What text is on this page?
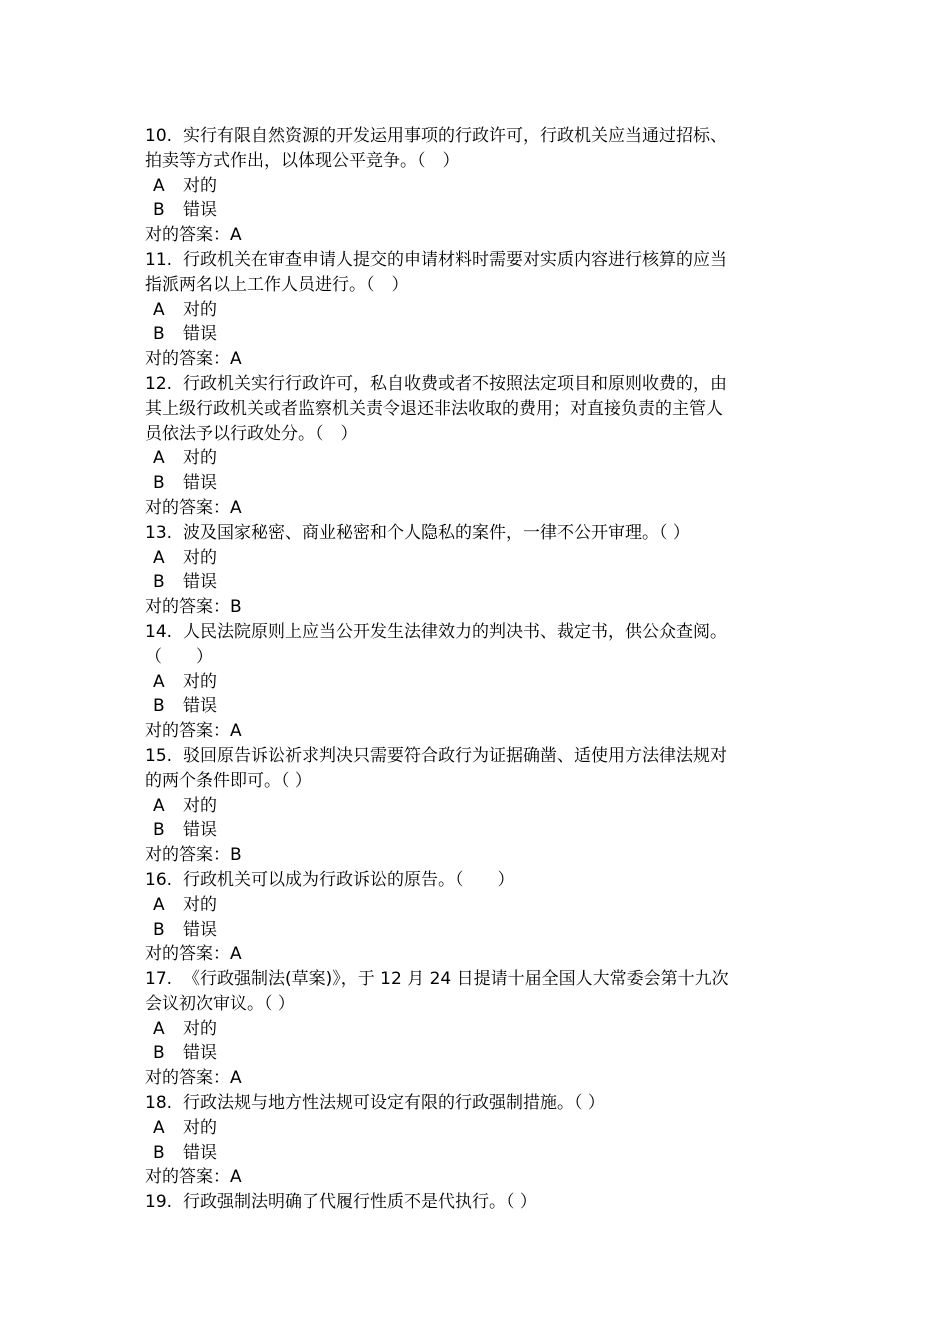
10. 实行有限自然资源的开发运用事项的行政许可，行政机关应当通过招标、
拍卖等方式作出，以体现公平竞争。（　）
A 对的
B 错误
对的答案：A
11. 行政机关在审查申请人提交的申请材料时需要对实质内容进行核算的应当
指派两名以上工作人员进行。（　）
A 对的
B 错误
对的答案：A
12. 行政机关实行行政许可，私自收费或者不按照法定项目和原则收费的，由
其上级行政机关或者监察机关责令退还非法收取的费用；对直接负责的主管人
员依法予以行政处分。（　）
A 对的
B 错误
对的答案：A
13. 波及国家秘密、商业秘密和个人隐私的案件，一律不公开审理。（ ）
A 对的
B 错误
对的答案：B
14. 人民法院原则上应当公开发生法律效力的判决书、裁定书，供公众查阅。
（　　）
A 对的
B 错误
对的答案：A
15. 驳回原告诉讼祈求判决只需要符合政行为证据确凿、适使用方法律法规对
的两个条件即可。（ ）
A 对的
B 错误
对的答案：B
16. 行政机关可以成为行政诉讼的原告。（　　）
A 对的
B 错误
对的答案：A
17. 《行政强制法(草案)》，于 12 月 24 日提请十届全国人大常委会第十九次
会议初次审议。（ ）
A 对的
B 错误
对的答案：A
18. 行政法规与地方性法规可设定有限的行政强制措施。（ ）
A 对的
B 错误
对的答案：A
19. 行政强制法明确了代履行性质不是代执行。（ ）
